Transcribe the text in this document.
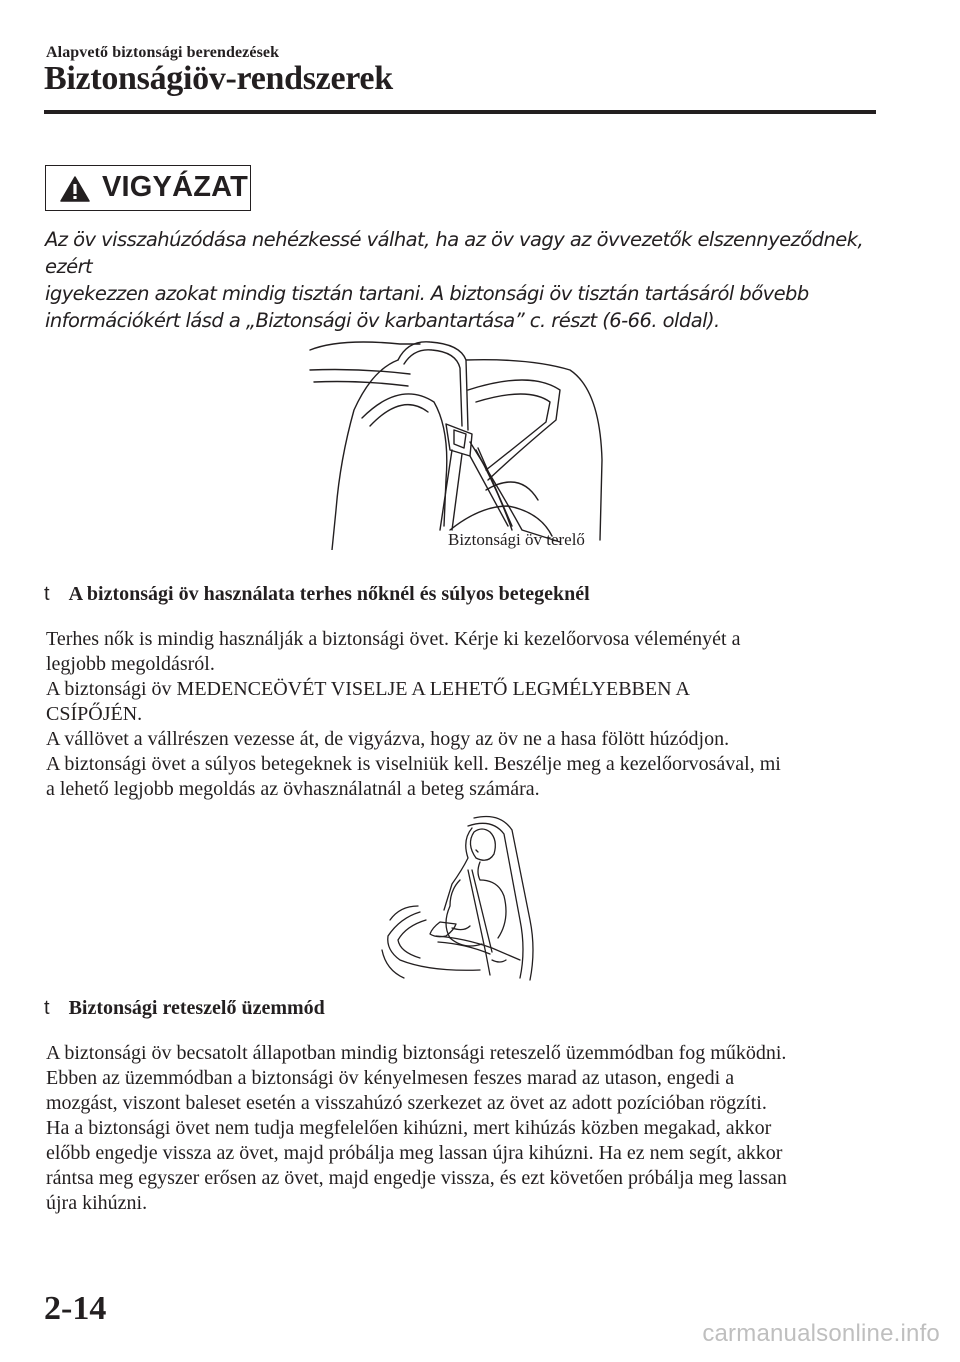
Alapvető biztonsági berendezések
Biztonságiöv-rendszerek
VIGYÁZAT
Az öv visszahúzódása nehézkessé válhat, ha az öv vagy az övvezetők elszennyeződnek, ezért
igyekezzen azokat mindig tisztán tartani. A biztonsági öv tisztán tartásáról bővebb
információkért lásd a „Biztonsági öv karbantartása” c. részt (6-66. oldal).
Biztonsági öv terelő
t A biztonsági öv használata terhes nőknél és súlyos betegeknél

Terhes nők is mindig használják a biztonsági övet. Kérje ki kezelőorvosa véleményét a

legjobb megoldásról.

A biztonsági öv MEDENCEÖVÉT VISELJE A LEHETŐ LEGMÉLYEBBEN A

CSÍPŐJÉN.

A vállövet a vállrészen vezesse át, de vigyázva, hogy az öv ne a hasa fölött húzódjon.

A biztonsági övet a súlyos betegeknek is viselniük kell. Beszélje meg a kezelőorvosával, mi

a lehető legjobb megoldás az övhasználatnál a beteg számára.

t Biztonsági reteszelő üzemmód

A biztonsági öv becsatolt állapotban mindig biztonsági reteszelő üzemmódban fog működni.

Ebben az üzemmódban a biztonsági öv kényelmesen feszes marad az utason, engedi a

mozgást, viszont baleset esetén a visszahúzó szerkezet az övet az adott pozícióban rögzíti.

Ha a biztonsági övet nem tudja megfelelően kihúzni, mert kihúzás közben megakad, akkor

előbb engedje vissza az övet, majd próbálja meg lassan újra kihúzni. Ha ez nem segít, akkor

rántsa meg egyszer erősen az övet, majd engedje vissza, és ezt követően próbálja meg lassan

újra kihúzni.

2-14
carmanualsonline.info
